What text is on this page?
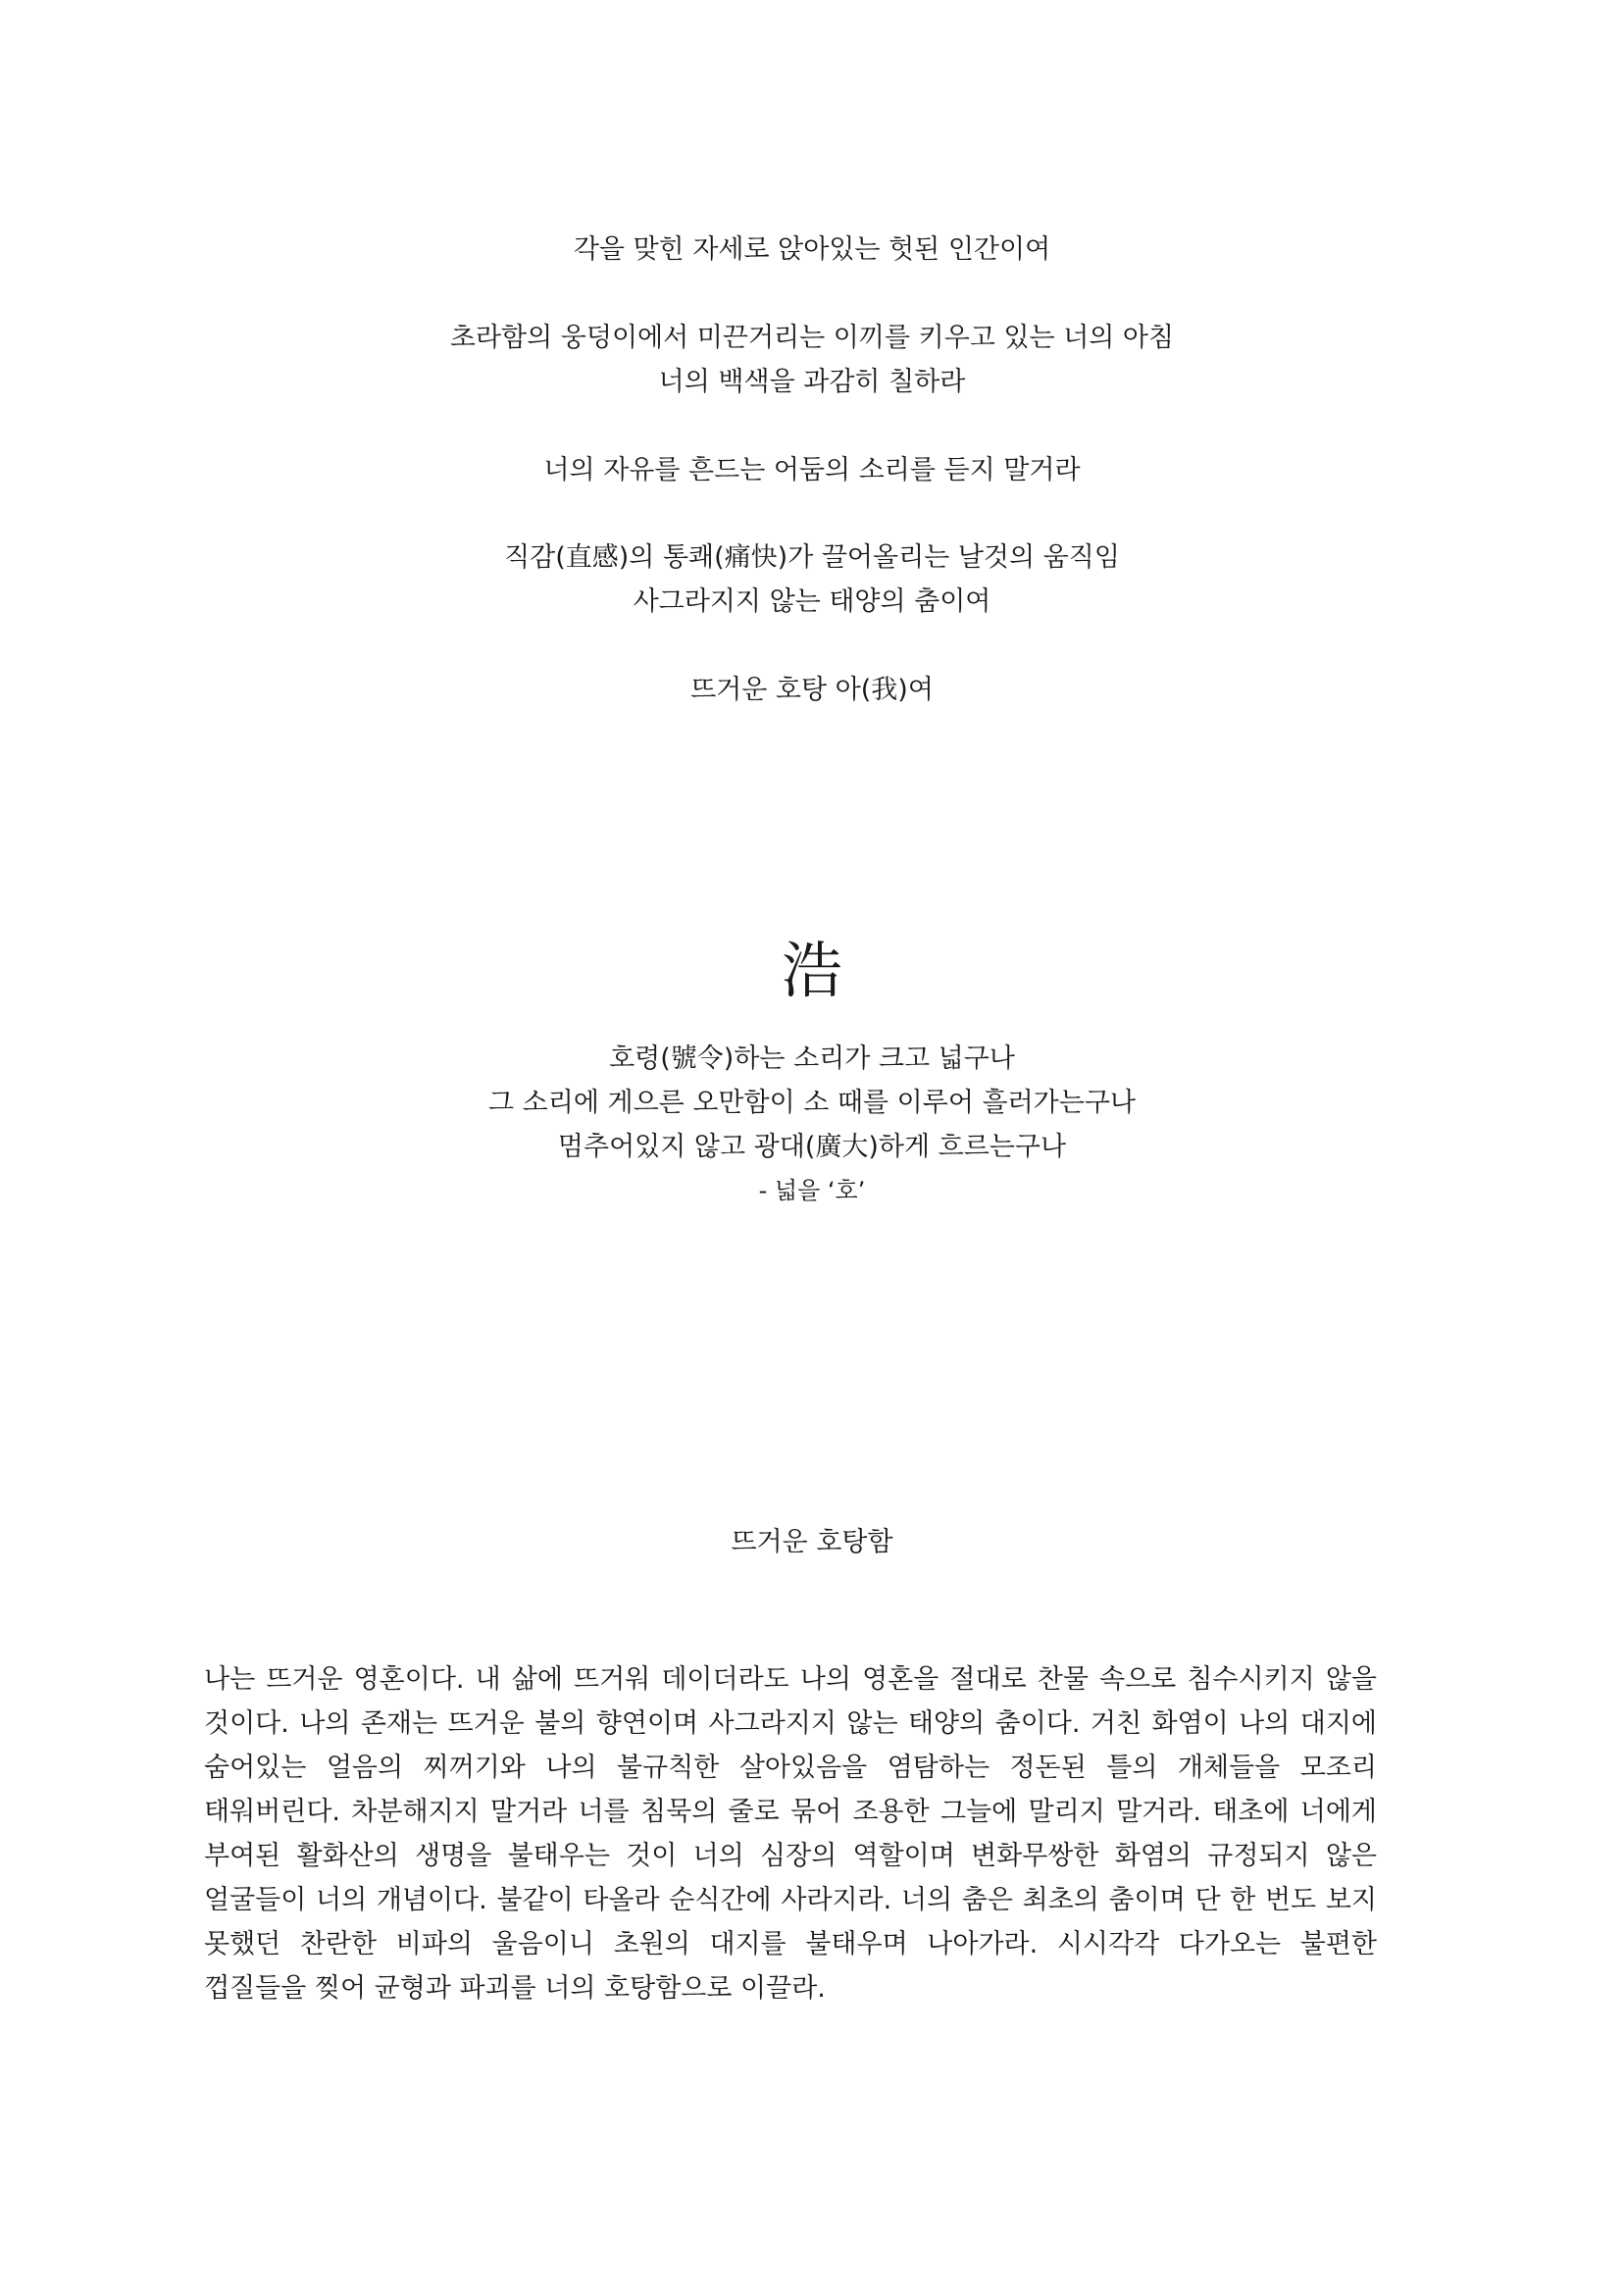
각을 맞힌 자세로 앉아있는 헛된 인간이여
초라함의 웅덩이에서 미끈거리는 이끼를 키우고 있는 너의 아침
너의 백색을 과감히 칠하라
너의 자유를 흔드는 어둠의 소리를 듣지 말거라
직감(直感)의 통쾌(痛快)가 끌어올리는 날것의 움직임
사그라지지 않는 태양의 춤이여
뜨거운 호탕 아(我)여
浩
호령(號令)하는 소리가 크고 넓구나
그 소리에 게으른 오만함이 소 때를 이루어 흘러가는구나
멈추어있지 않고 광대(廣大)하게 흐르는구나
- 넓을 ‘호’
뜨거운 호탕함
나는 뜨거운 영혼이다. 내 삶에 뜨거워 데이더라도 나의 영혼을 절대로 찬물 속으로 침수시키지 않을 것이다. 나의 존재는 뜨거운 불의 향연이며 사그라지지 않는 태양의 춤이다. 거친 화염이 나의 대지에 숨어있는 얼음의 찌꺼기와 나의 불규칙한 살아있음을 염탐하는 정돈된 틀의 개체들을 모조리 태워버린다. 차분해지지 말거라 너를 침묵의 줄로 묶어 조용한 그늘에 말리지 말거라. 태초에 너에게 부여된 활화산의 생명을 불태우는 것이 너의 심장의 역할이며 변화무쌍한 화염의 규정되지 않은 얼굴들이 너의 개념이다. 불같이 타올라 순식간에 사라지라. 너의 춤은 최초의 춤이며 단 한 번도 보지 못했던 찬란한 비파의 울음이니 초원의 대지를 불태우며 나아가라. 시시각각 다가오는 불편한 껍질들을 찢어 균형과 파괴를 너의 호탕함으로 이끌라.
